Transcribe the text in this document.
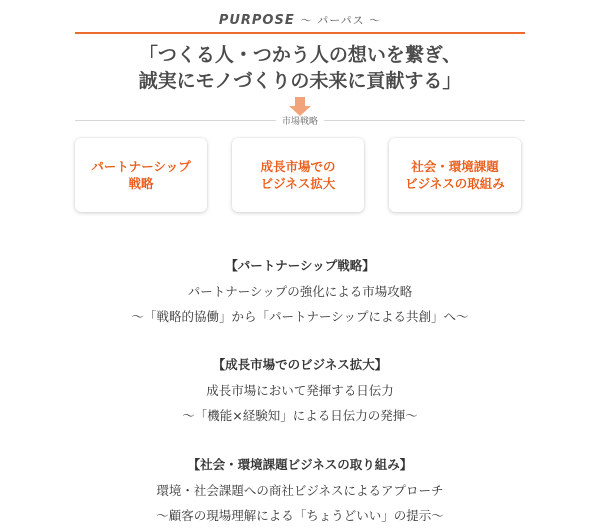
PURPOSE 〜 パーパス 〜
「つくる人・つかう人の想いを繋ぎ、
誠実にモノづくりの未来に貢献する」
市場戦略
パートナーシップ
戦略
成長市場での
ビジネス拡大
社会・環境課題
ビジネスの取組み
【パートナーシップ戦略】
パートナーシップの強化による市場攻略
〜「戦略的協働」から「パートナーシップによる共創」へ〜
【成長市場でのビジネス拡大】
成長市場において発揮する日伝力
〜「機能×経験知」による日伝力の発揮〜
【社会・環境課題ビジネスの取り組み】
環境・社会課題への商社ビジネスによるアプローチ
〜顧客の現場理解による「ちょうどいい」の提示〜
